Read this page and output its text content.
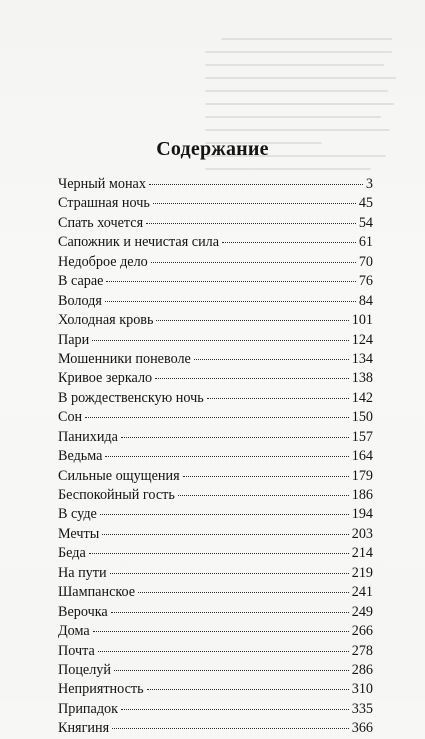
Содержание
Черный монах	3
Страшная ночь	45
Спать хочется	54
Сапожник и нечистая сила	61
Недоброе дело	70
В сарае	76
Володя	84
Холодная кровь	101
Пари	124
Мошенники поневоле	134
Кривое зеркало	138
В рождественскую ночь	142
Сон	150
Панихида	157
Ведьма	164
Сильные ощущения	179
Беспокойный гость	186
В суде	194
Мечты	203
Беда	214
На пути	219
Шампанское	241
Верочка	249
Дома	266
Почта	278
Поцелуй	286
Неприятность	310
Припадок	335
Княгиня	366
